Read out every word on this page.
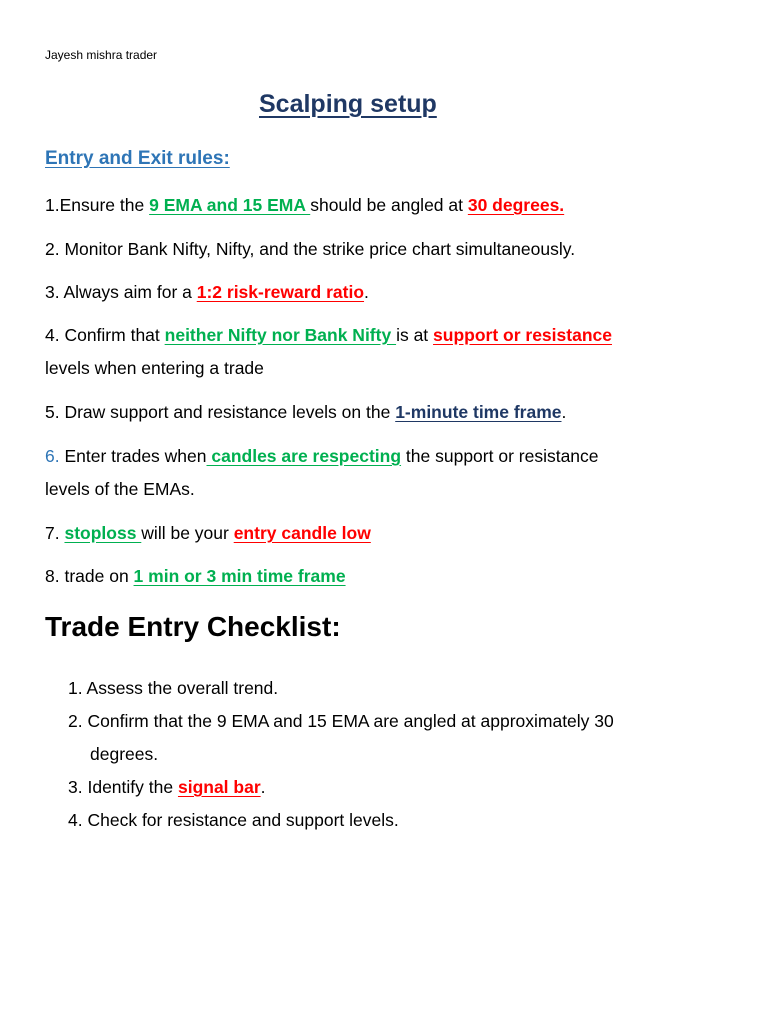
Jayesh mishra trader
Scalping setup
Entry and Exit rules:
1.Ensure the 9 EMA and 15 EMA should be angled at 30 degrees.
2. Monitor Bank Nifty, Nifty, and the strike price chart simultaneously.
3. Always aim for a 1:2 risk-reward ratio.
4. Confirm that neither Nifty nor Bank Nifty is at support or resistance
levels when entering a trade
5. Draw support and resistance levels on the 1-minute time frame.
6. Enter trades when candles are respecting the support or resistance
levels of the EMAs.
7. stoploss will be your entry candle low
8. trade on 1 min or 3 min time frame
Trade Entry Checklist:
1. Assess the overall trend.
2. Confirm that the 9 EMA and 15 EMA are angled at approximately 30
degrees.
3. Identify the signal bar.
4. Check for resistance and support levels.
